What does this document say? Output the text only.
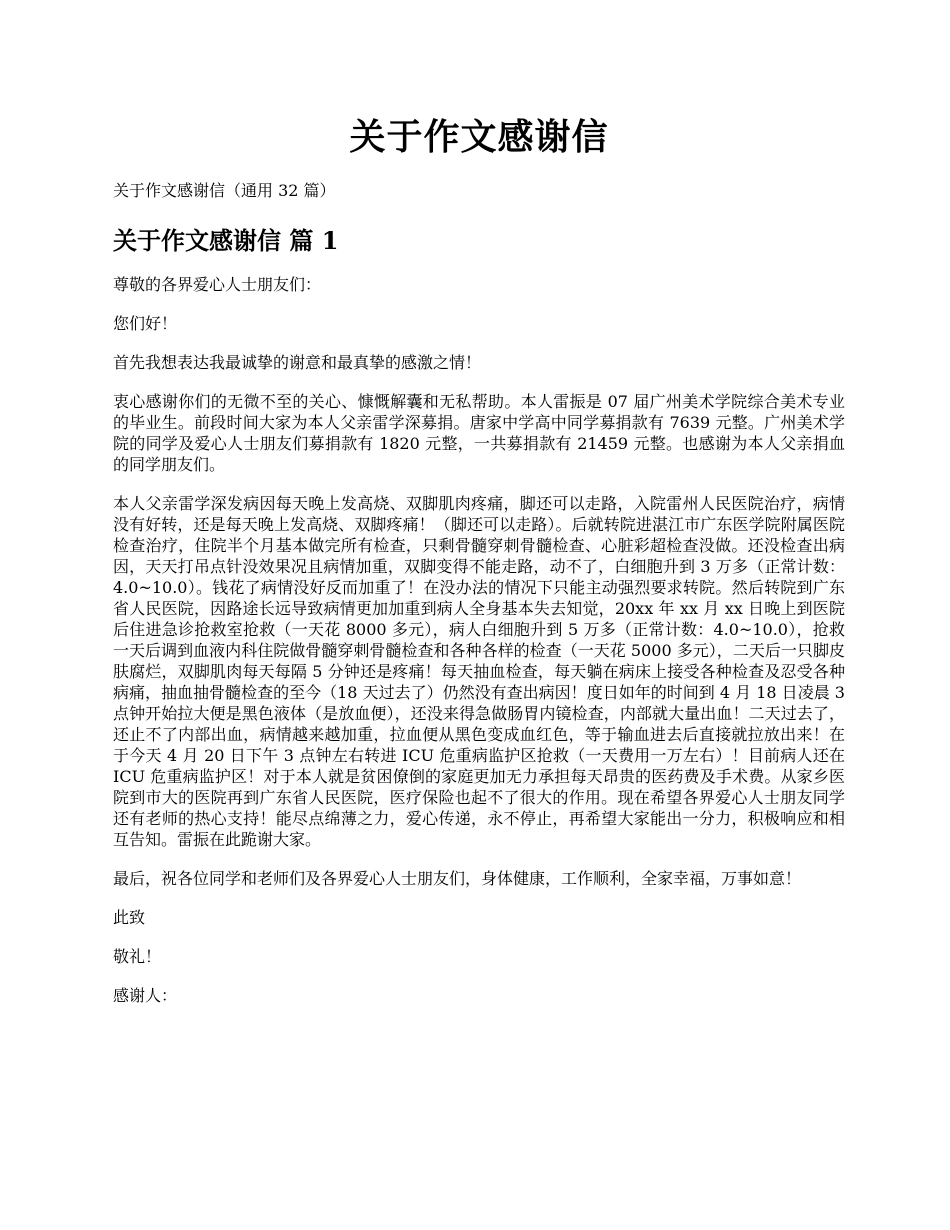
关于作文感谢信

关于作文感谢信（通用 32 篇）

关于作文感谢信 篇 1

尊敬的各界爱心人士朋友们：

您们好！

首先我想表达我最诚挚的谢意和最真挚的感激之情！

衷心感谢你们的无微不至的关心、慷慨解囊和无私帮助。本人雷振是 07 届广州美术学院综合美术专业的毕业生。前段时间大家为本人父亲雷学深募捐。唐家中学高中同学募捐款有 7639 元整。广州美术学院的同学及爱心人士朋友们募捐款有 1820 元整，一共募捐款有 21459 元整。也感谢为本人父亲捐血的同学朋友们。

本人父亲雷学深发病因每天晚上发高烧、双脚肌肉疼痛，脚还可以走路，入院雷州人民医院治疗，病情没有好转，还是每天晚上发高烧、双脚疼痛！（脚还可以走路）。后就转院进湛江市广东医学院附属医院检查治疗，住院半个月基本做完所有检查，只剩骨髓穿刺骨髓检查、心脏彩超检查没做。还没检查出病因，天天打吊点针没效果况且病情加重，双脚变得不能走路，动不了，白细胞升到 3 万多（正常计数：4.0~10.0）。钱花了病情没好反而加重了！在没办法的情况下只能主动强烈要求转院。然后转院到广东省人民医院，因路途长远导致病情更加加重到病人全身基本失去知觉，20xx 年 xx 月 xx 日晚上到医院后住进急诊抢救室抢救（一天花 8000 多元），病人白细胞升到 5 万多（正常计数：4.0~10.0），抢救一天后调到血液内科住院做骨髓穿刺骨髓检查和各种各样的检查（一天花 5000 多元），二天后一只脚皮肤腐烂，双脚肌肉每天每隔 5 分钟还是疼痛！每天抽血检查，每天躺在病床上接受各种检查及忍受各种病痛，抽血抽骨髓检查的至今（18 天过去了）仍然没有查出病因！度日如年的时间到 4 月 18 日凌晨 3 点钟开始拉大便是黑色液体（是放血便），还没来得急做肠胃内镜检查，内部就大量出血！二天过去了，还止不了内部出血，病情越来越加重，拉血便从黑色变成血红色，等于输血进去后直接就拉放出来！在于今天 4 月 20 日下午 3 点钟左右转进 ICU 危重病监护区抢救（一天费用一万左右）！目前病人还在 ICU 危重病监护区！对于本人就是贫困僚倒的家庭更加无力承担每天昂贵的医药费及手术费。从家乡医院到市大的医院再到广东省人民医院，医疗保险也起不了很大的作用。现在希望各界爱心人士朋友同学还有老师的热心支持！能尽点绵薄之力，爱心传递，永不停止，再希望大家能出一分力，积极响应和相互告知。雷振在此跪谢大家。

最后，祝各位同学和老师们及各界爱心人士朋友们，身体健康，工作顺利，全家幸福，万事如意！

此致

敬礼！

感谢人：
